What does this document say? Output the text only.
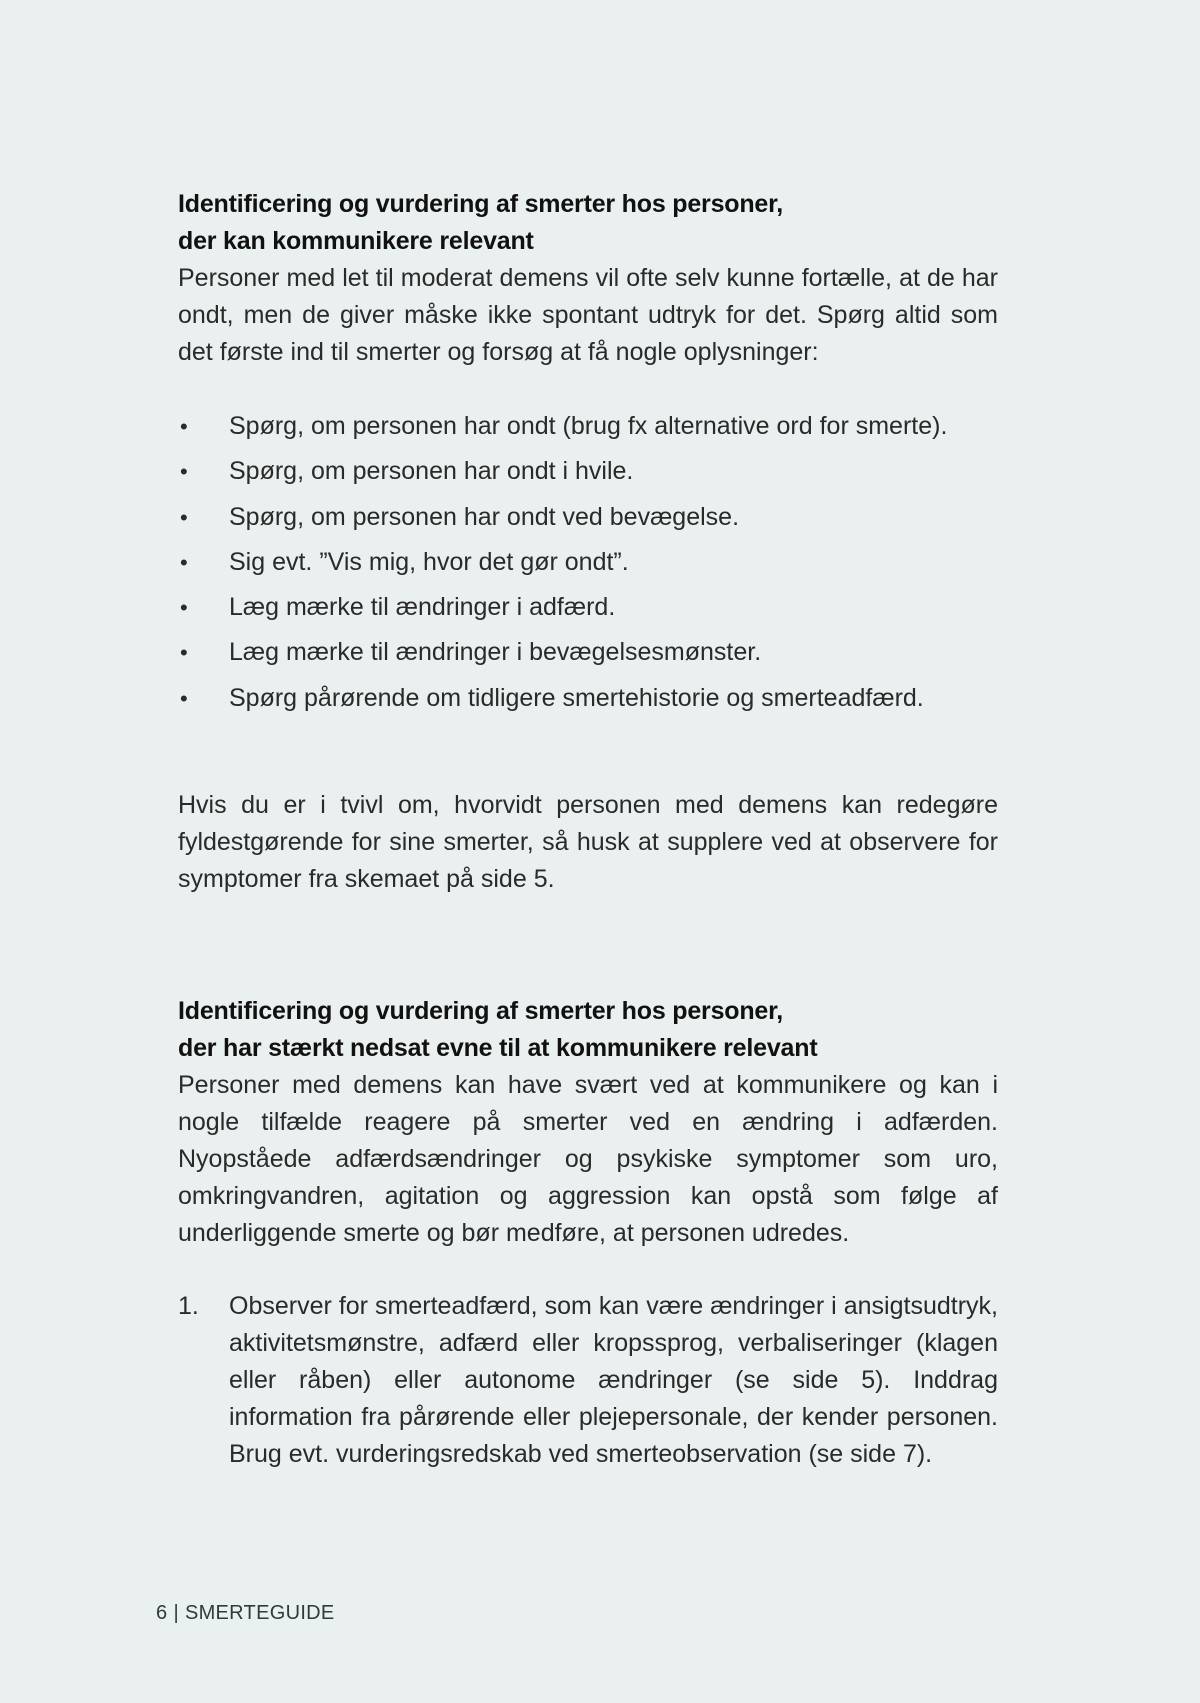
Identificering og vurdering af smerter hos personer,
der kan kommunikere relevant

Personer med let til moderat demens vil ofte selv kunne fortælle, at de har ondt, men de giver måske ikke spontant udtryk for det. Spørg altid som det første ind til smerter og forsøg at få nogle oplysninger:

• Spørg, om personen har ondt (brug fx alternative ord for smerte).
• Spørg, om personen har ondt i hvile.
• Spørg, om personen har ondt ved bevægelse.
• Sig evt. ”Vis mig, hvor det gør ondt”.
• Læg mærke til ændringer i adfærd.
• Læg mærke til ændringer i bevægelsesmønster.
• Spørg pårørende om tidligere smertehistorie og smerteadfærd.

Hvis du er i tvivl om, hvorvidt personen med demens kan redegøre fyldestgørende for sine smerter, så husk at supplere ved at observere for symptomer fra skemaet på side 5.

Identificering og vurdering af smerter hos personer,
der har stærkt nedsat evne til at kommunikere relevant

Personer med demens kan have svært ved at kommunikere og kan i nogle tilfælde reagere på smerter ved en ændring i adfærden. Nyopståede adfærdsændringer og psykiske symptomer som uro, omkringvandren, agitation og aggression kan opstå som følge af underliggende smerte og bør medføre, at personen udredes.

1. Observer for smerteadfærd, som kan være ændringer i ansigtsudtryk, aktivitetsmønstre, adfærd eller kropssprog, verbaliseringer (klagen eller råben) eller autonome ændringer (se side 5). Inddrag information fra pårørende eller plejepersonale, der kender personen. Brug evt. vurderingsredskab ved smerteobservation (se side 7).
6 | SMERTEGUIDE
